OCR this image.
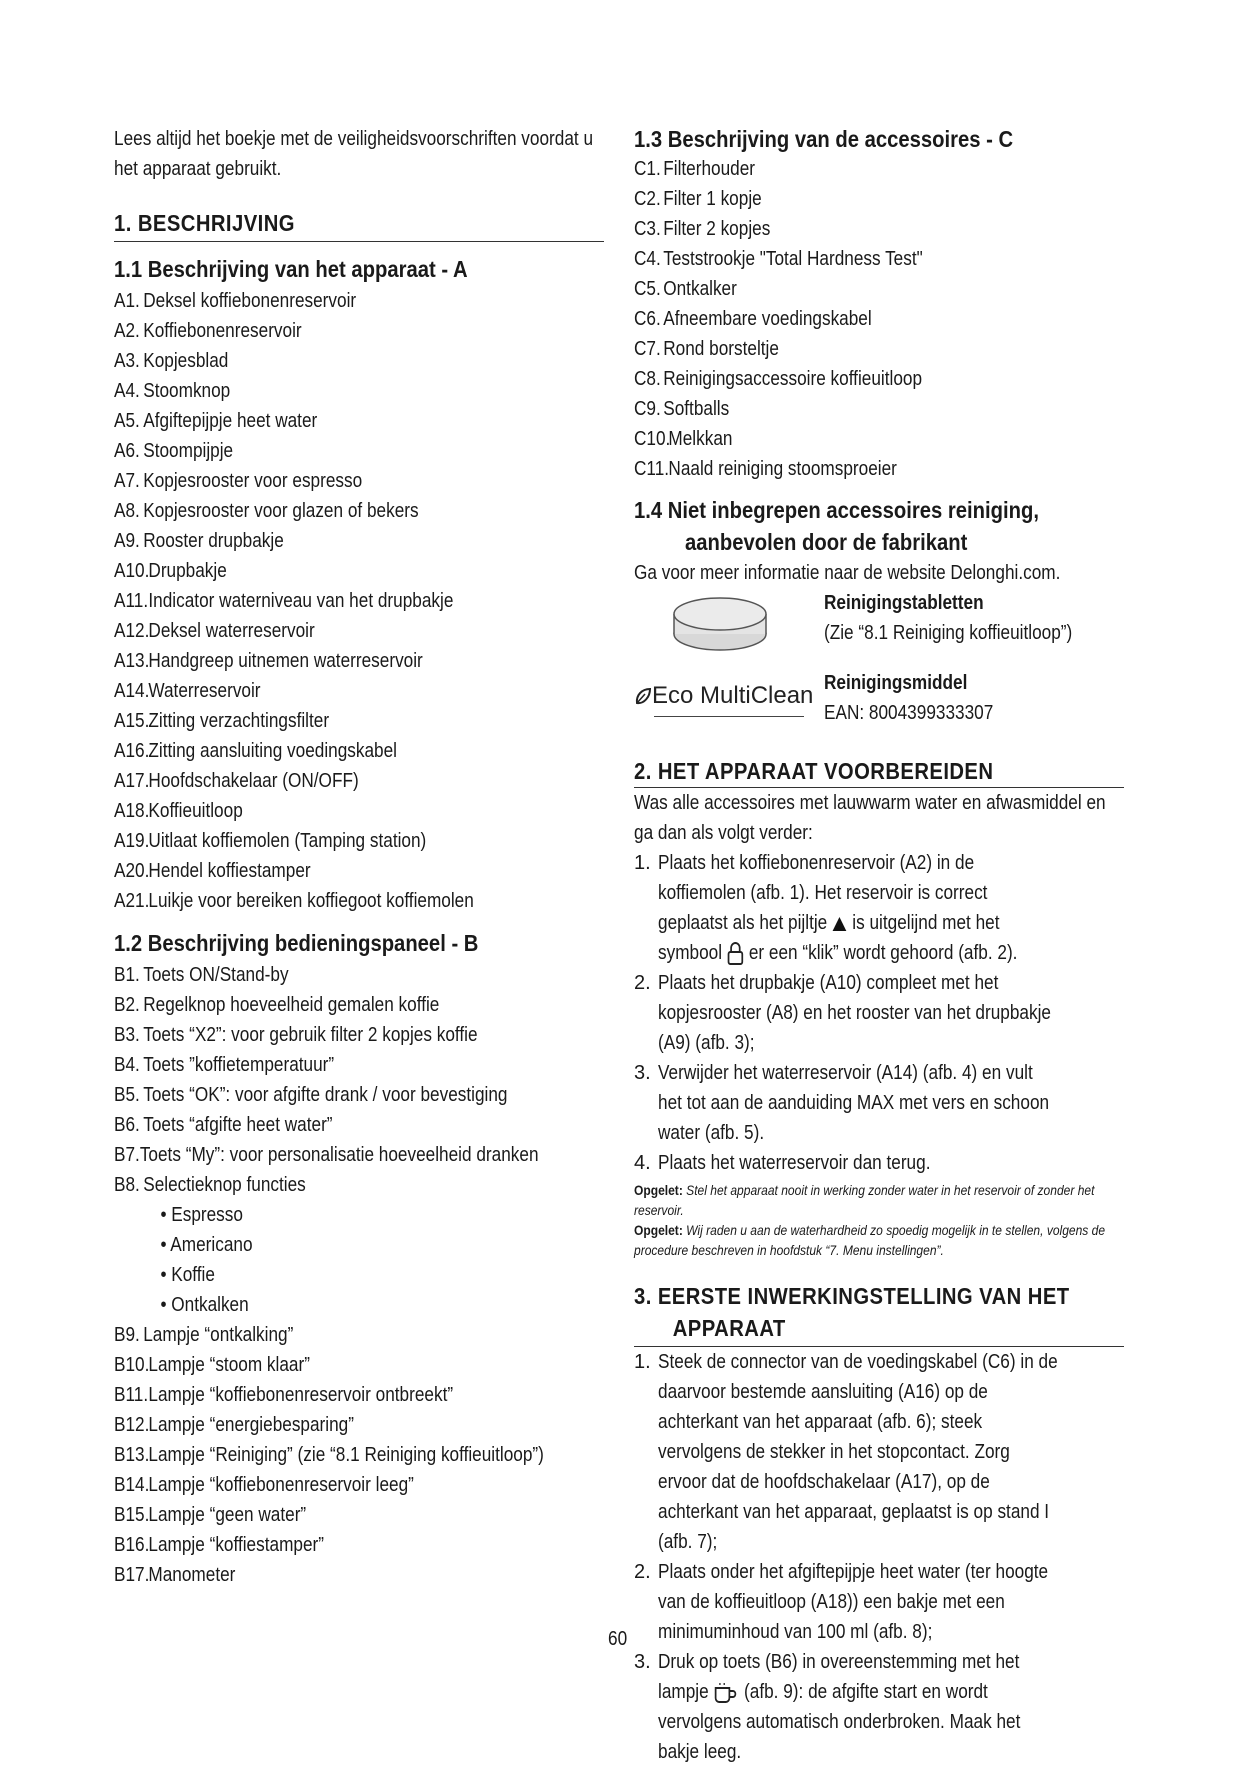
Lees altijd het boekje met de veiligheidsvoorschriften voordat u het apparaat gebruikt.
1. BESCHRIJVING
1.1 Beschrijving van het apparaat - A
A1. Deksel koffiebonenreservoir
A2. Koffiebonenreservoir
A3. Kopjesblad
A4. Stoomknop
A5. Afgiftepijpje heet water
A6. Stoompijpje
A7. Kopjesrooster voor espresso
A8. Kopjesrooster voor glazen of bekers
A9. Rooster drupbakje
A10. Drupbakje
A11. Indicator waterniveau van het drupbakje
A12. Deksel waterreservoir
A13. Handgreep uitnemen waterreservoir
A14. Waterreservoir
A15. Zitting verzachtingsfilter
A16. Zitting aansluiting voedingskabel
A17. Hoofdschakelaar (ON/OFF)
A18. Koffieuitloop
A19. Uitlaat koffiemolen (Tamping station)
A20. Hendel koffiestamper
A21. Luikje voor bereiken koffiegoot koffiemolen
1.2 Beschrijving bedieningspaneel - B
B1. Toets ON/Stand-by
B2. Regelknop hoeveelheid gemalen koffie
B3. Toets “X2”: voor gebruik filter 2 kopjes koffie
B4. Toets ”koffietemperatuur”
B5. Toets “OK”: voor afgifte drank / voor bevestiging
B6. Toets “afgifte heet water”
B7. Toets “My”: voor personalisatie hoeveelheid dranken
B8. Selectieknop functies
• Espresso
• Americano
• Koffie
• Ontkalken
B9. Lampje “ontkalking”
B10. Lampje “stoom klaar”
B11. Lampje “koffiebonenreservoir ontbreekt”
B12. Lampje “energiebesparing”
B13. Lampje “Reiniging” (zie “8.1 Reiniging koffieuitloop”)
B14. Lampje “koffiebonenreservoir leeg”
B15. Lampje “geen water”
B16. Lampje “koffiestamper”
B17. Manometer
1.3 Beschrijving van de accessoires - C
C1. Filterhouder
C2. Filter 1 kopje
C3. Filter 2 kopjes
C4. Teststrookje "Total Hardness Test"
C5. Ontkalker
C6. Afneembare voedingskabel
C7. Rond borsteltje
C8. Reinigingsaccessoire koffieuitloop
C9. Softballs
C10.
Melkkan
C11. Naald reiniging stoomsproeier
1.4 Niet inbegrepen accessoires reiniging,
aanbevolen door de fabrikant
Ga voor meer informatie naar de website Delonghi.com.
Reinigingstabletten
(Zie “8.1 Reiniging koffieuitloop”)
Eco MultiClean Reinigingsmiddel
EAN: 8004399333307
2. HET APPARAAT VOORBEREIDEN
Was alle accessoires met lauwwarm water en afwasmiddel en ga dan als volgt verder:
1. Plaats het koffiebonenreservoir (A2) in de koffiemolen (afb. 1). Het reservoir is correct geplaatst als het pijltje is uitgelijnd met het symbool er een “klik” wordt gehoord (afb. 2).
2. Plaats het drupbakje (A10) compleet met het kopjesrooster (A8) en het rooster van het drupbakje (A9) (afb. 3);
3. Verwijder het waterreservoir (A14) (afb. 4) en vult het tot aan de aanduiding MAX met vers en schoon water (afb. 5).
4. Plaats het waterreservoir dan terug.
Opgelet: Stel het apparaat nooit in werking zonder water in het reservoir of zonder het reservoir.
Opgelet: Wij raden u aan de waterhardheid zo spoedig mogelijk in te stellen, volgens de procedure beschreven in hoofdstuk “7. Menu instellingen”.
3. EERSTE INWERKINGSTELLING VAN HET
APPARAAT
1. Steek de connector van de voedingskabel (C6) in de daarvoor bestemde aansluiting (A16) op de achterkant van het apparaat (afb. 6); steek vervolgens de stekker in het stopcontact. Zorg ervoor dat de hoofdschakelaar (A17), op de achterkant van het apparaat, geplaatst is op stand I (afb. 7);
2. Plaats onder het afgiftepijpje heet water (ter hoogte van de koffieuitloop (A18)) een bakje met een minimuminhoud van 100 ml (afb. 8);
3. Druk op toets (B6) in overeenstemming met het lampje (afb. 9): de afgifte start en wordt vervolgens automatisch onderbroken. Maak het bakje leeg.
60
